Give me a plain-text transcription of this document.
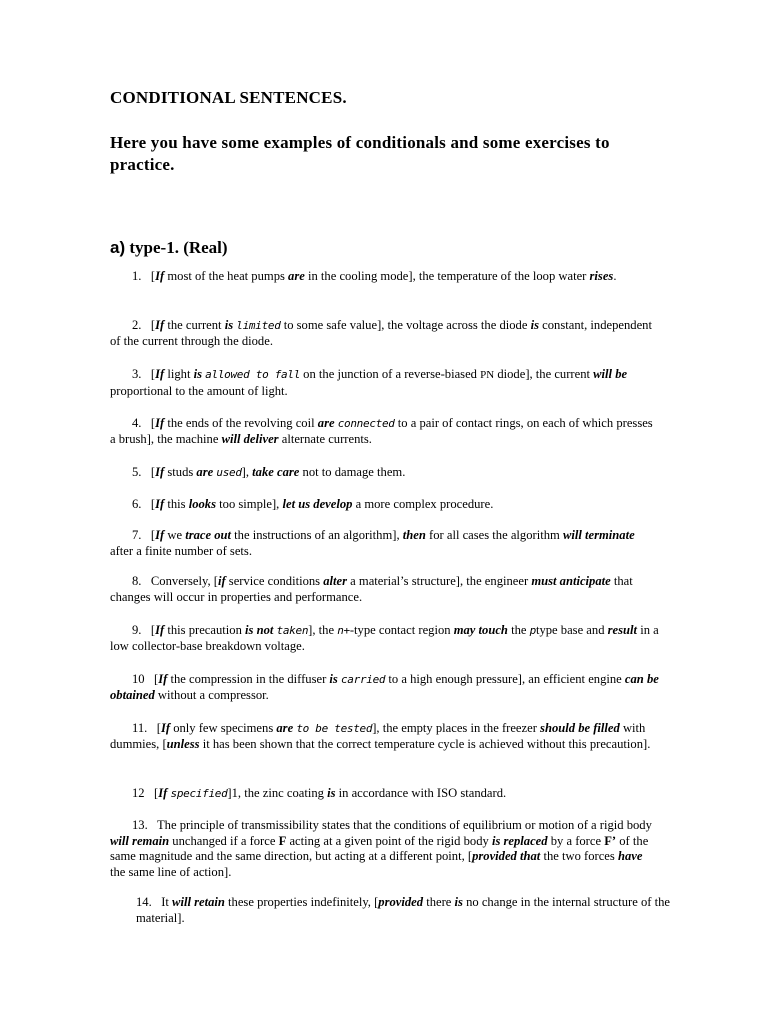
CONDITIONAL SENTENCES.

Here you have some examples of conditionals and some exercises to practice.

a) type-1. (Real)

1. [If most of the heat pumps are in the cooling mode], the temperature of the loop water rises.

2. [If the current is limited to some safe value], the voltage across the diode is constant, independent of the current through the diode.

3. [If light is allowed to fall on the junction of a reverse-biased PN diode], the current will be proportional to the amount of light.

4. [If the ends of the revolving coil are connected to a pair of contact rings, on each of which presses a brush], the machine will deliver alternate currents.

5. [If studs are used], take care not to damage them.

6. [If this looks too simple], let us develop a more complex procedure.

7. [If we trace out the instructions of an algorithm], then for all cases the algorithm will terminate after a finite number of sets.

8. Conversely, [if service conditions alter a material’s structure], the engineer must anticipate that changes will occur in properties and performance.

9. [If this precaution is not taken], the n+-type contact region may touch the ptype base and result in a low collector-base breakdown voltage.

10 [If the compression in the diffuser is carried to a high enough pressure], an efficient engine can be obtained without a compressor.

11. [If only few specimens are to be tested], the empty places in the freezer should be filled with dummies, [unless it has been shown that the correct temperature cycle is achieved without this precaution].

12 [If specified]1, the zinc coating is in accordance with ISO standard.

13. The principle of transmissibility states that the conditions of equilibrium or motion of a rigid body will remain unchanged if a force F acting at a given point of the rigid body is replaced by a force F’ of the same magnitude and the same direction, but acting at a different point, [provided that the two forces have the same line of action].

14. It will retain these properties indefinitely, [provided there is no change in the internal structure of the material].
